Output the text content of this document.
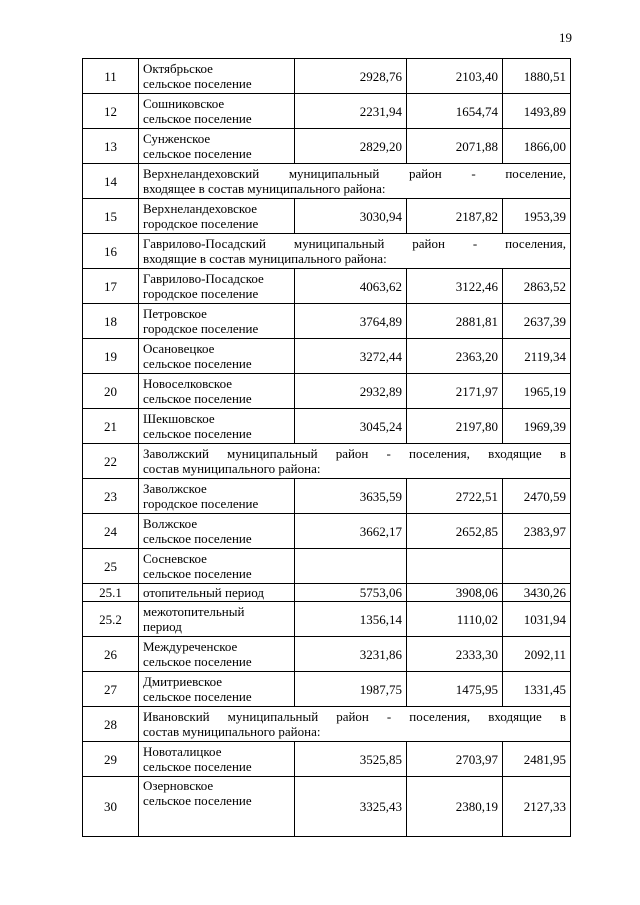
19
11	Октябрьское
сельское поселение	2928,76	2103,40	1880,51
12	Сошниковское
сельское поселение	2231,94	1654,74	1493,89
13	Сунженское
сельское поселение	2829,20	2071,88	1866,00
14	Верхнеландеховский муниципальный район - поселение,
входящее в состав муниципального района:			

15	Верхнеландеховское
городское поселение	3030,94	2187,82	1953,39
16	Гаврилово-Посадский муниципальный район - поселения,
входящие в состав муниципального района:			

17	Гаврилово-Посадское
городское поселение	4063,62	3122,46	2863,52
18	Петровское
городское поселение	3764,89	2881,81	2637,39
19	Осановецкое
сельское поселение	3272,44	2363,20	2119,34
20	Новоселковское
сельское поселение	2932,89	2171,97	1965,19
21	Шекшовское
сельское поселение	3045,24	2197,80	1969,39
22	Заволжский муниципальный район - поселения, входящие в
состав муниципального района:			

23	Заволжское
городское поселение	3635,59	2722,51	2470,59
24	Волжское
сельское поселение	3662,17	2652,85	2383,97
25	Сосневское
сельское поселение			

25.1	отопительный период	5753,06	3908,06	3430,26
25.2	межотопительный
период	1356,14	1110,02	1031,94
26	Междуреченское
сельское поселение	3231,86	2333,30	2092,11
27	Дмитриевское
сельское поселение	1987,75	1475,95	1331,45
28	Ивановский муниципальный район - поселения, входящие в
состав муниципального района:			

29	Новоталицкое
сельское поселение	3525,85	2703,97	2481,95
30	Озерновское
сельское поселение	3325,43	2380,19	2127,33
